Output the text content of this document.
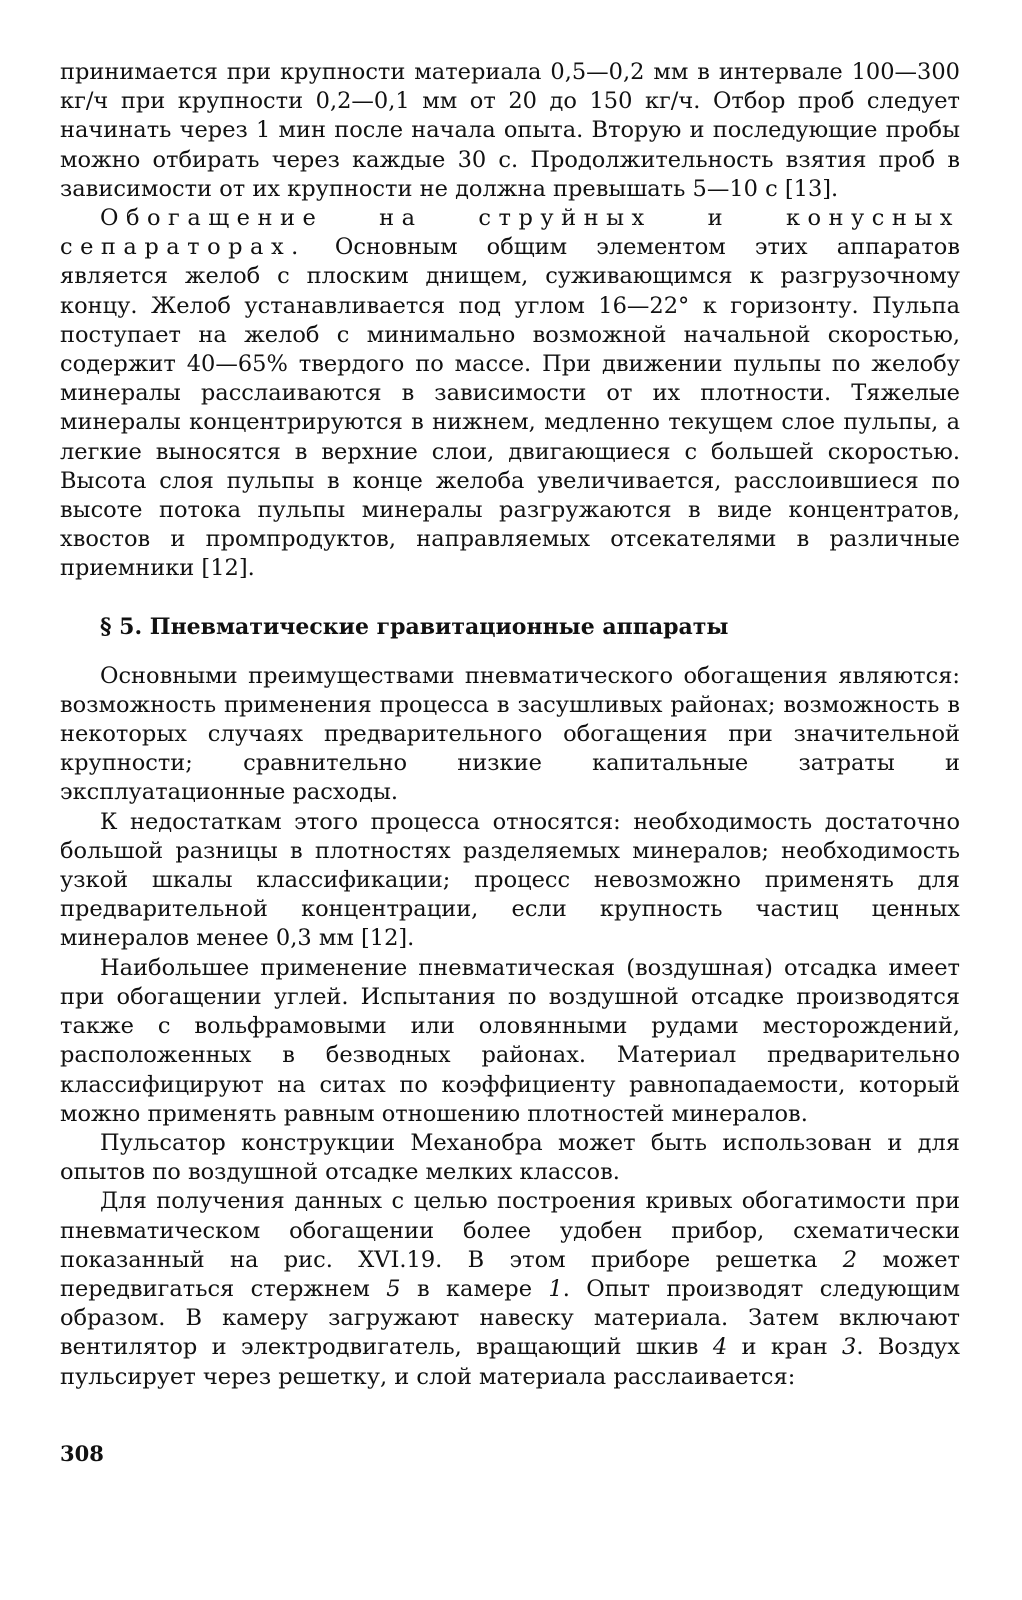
принимается при крупности материала 0,5—0,2 мм в интервале 100—300 кг/ч при крупности 0,2—0,1 мм от 20 до 150 кг/ч. Отбор проб следует начинать через 1 мин после начала опыта. Вторую и последующие пробы можно отбирать через каждые 30 с. Продолжительность взятия проб в зависимости от их крупности не должна превышать 5—10 с [13].

Обогащение на струйных и конусных сепараторах. Основным общим элементом этих аппаратов является желоб с плоским днищем, суживающимся к разгрузочному концу. Желоб устанавливается под углом 16—22° к горизонту. Пульпа поступает на желоб с минимально возможной начальной скоростью, содержит 40—65% твердого по массе. При движении пульпы по желобу минералы расслаиваются в зависимости от их плотности. Тяжелые минералы концентрируются в нижнем, медленно текущем слое пульпы, а легкие выносятся в верхние слои, двигающиеся с большей скоростью. Высота слоя пульпы в конце желоба увеличивается, расслоившиеся по высоте потока пульпы минералы разгружаются в виде концентратов, хвостов и промпродуктов, направляемых отсекателями в различные приемники [12].

§ 5. Пневматические гравитационные аппараты

Основными преимуществами пневматического обогащения являются: возможность применения процесса в засушливых районах; возможность в некоторых случаях предварительного обогащения при значительной крупности; сравнительно низкие капитальные затраты и эксплуатационные расходы.

К недостаткам этого процесса относятся: необходимость достаточно большой разницы в плотностях разделяемых минералов; необходимость узкой шкалы классификации; процесс невозможно применять для предварительной концентрации, если крупность частиц ценных минералов менее 0,3 мм [12].

Наибольшее применение пневматическая (воздушная) отсадка имеет при обогащении углей. Испытания по воздушной отсадке производятся также с вольфрамовыми или оловянными рудами месторождений, расположенных в безводных районах. Материал предварительно классифицируют на ситах по коэффициенту равнопадаемости, который можно применять равным отношению плотностей минералов.

Пульсатор конструкции Механобра может быть использован и для опытов по воздушной отсадке мелких классов.

Для получения данных с целью построения кривых обогатимости при пневматическом обогащении более удобен прибор, схематически показанный на рис. XVI.19. В этом приборе решетка 2 может передвигаться стержнем 5 в камере 1. Опыт производят следующим образом. В камеру загружают навеску материала. Затем включают вентилятор и электродвигатель, вращающий шкив 4 и кран 3. Воздух пульсирует через решетку, и слой материала расслаивается:

308
